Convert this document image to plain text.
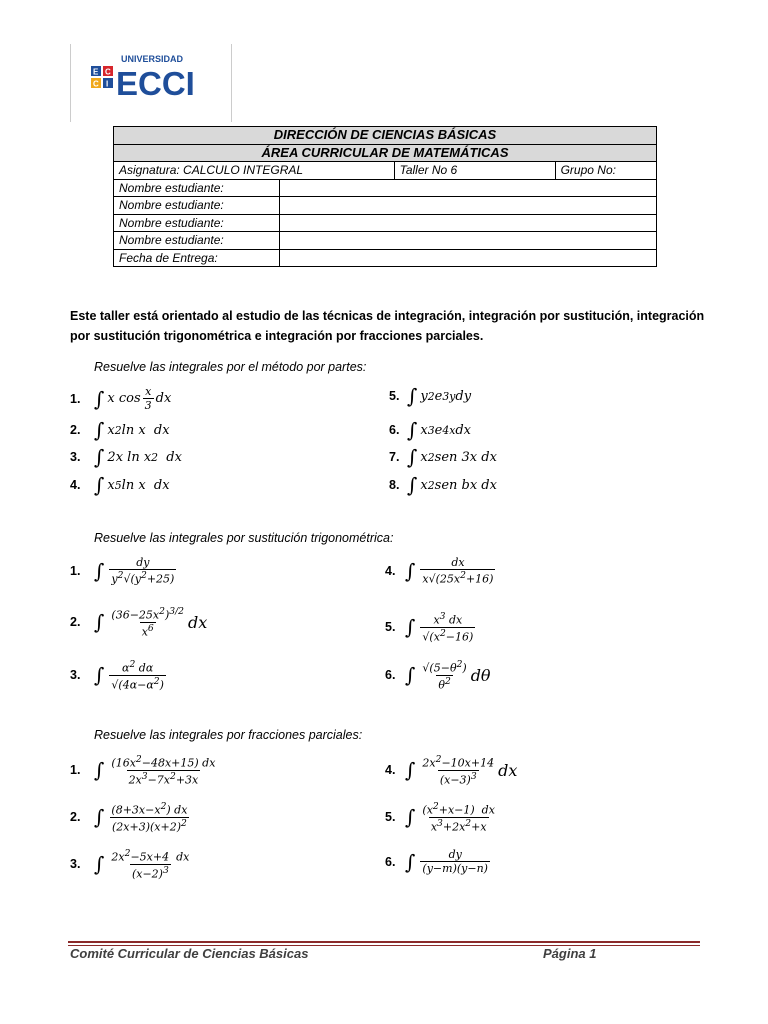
E C
C I
UNIVERSIDAD
ECCI
DIRECCIÓN DE CIENCIAS BÁSICAS			
ÁREA CURRICULAR DE MATEMÁTICAS			
Asignatura: CALCULO INTEGRAL		Taller No 6	Grupo No:
Nombre estudiante:			
Nombre estudiante:			
Nombre estudiante:			
Nombre estudiante:			
Fecha de Entrega:			
Este taller está orientado al estudio de las técnicas de integración, integración por sustitución, integración por sustitución trigonométrica e integración por fracciones parciales.
Resuelve las integrales por el método por partes:
1. ∫ x cos x
3 dx
2. ∫ x 2 ln x  dx
3. ∫ 2x ln x 2 dx
4. ∫ x 5 ln x  dx
5. ∫ y 2 e 3y dy
6. ∫ x 3 e 4x dx
7. ∫ x 2 sen 3x dx
8. ∫ x 2 sen bx dx
Resuelve las integrales por sustitución trigonométrica:
1. ∫	dy
$y^2√(y^2+25)$
2. ∫ $(36-25x^2)^{3/2}$
$x^6$ dx
3. ∫ $\alpha^2$ dα
$√(4\alpha-\alpha^2)$
4. ∫	dx
$x√(25x^2+16)$
5. ∫ $x^3$ dx
$√(x^2-16)$
6. ∫ $√(5-\theta^2)$
$\theta^2$ dθ
Resuelve las integrales por fracciones parciales:
1. ∫ $(16x^2-48x+15)$ dx
$2x^3-7x^2+3x$
2. ∫ $(8+3x-x^2)$ dx
$(2x+3)(x+2)^2$
3. ∫ $2x^2-5x+4$  dx
$(x-2)^3$
4. ∫ $2x^2-10x+14$
$(x-3)^3$ dx
5. ∫ $(x^2+x-1)$  dx
$x^3+2x^2+x$
6. ∫	dy
(y−m)(y−n)
Comité Curricular de Ciencias Básicas	Página 1
